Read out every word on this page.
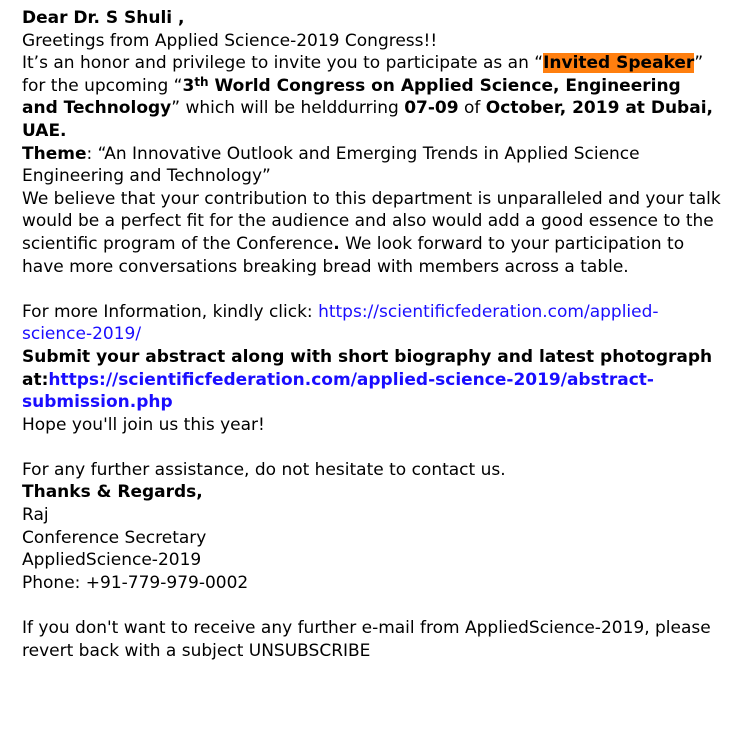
Dear Dr. S Shuli ,

Greetings from Applied Science-2019 Congress!!

It’s an honor and privilege to invite you to participate as an “Invited Speaker” for the upcoming “3th World Congress on Applied Science, Engineering and Technology” which will be helddurring 07-09 of October, 2019 at Dubai, UAE.

Theme: “An Innovative Outlook and Emerging Trends in Applied Science Engineering and Technology”

We believe that your contribution to this department is unparalleled and your talk would be a perfect fit for the audience and also would add a good essence to the scientific program of the Conference. We look forward to your participation to have more conversations breaking bread with members across a table.

For more Information, kindly click: https://scientificfederation.com/applied-science-2019/

Submit your abstract along with short biography and latest photograph at:https://scientificfederation.com/applied-science-2019/abstract-submission.php

Hope you'll join us this year!

For any further assistance, do not hesitate to contact us.

Thanks & Regards,

Raj

Conference Secretary

AppliedScience-2019

Phone: +91-779-979-0002

If you don't want to receive any further e-mail from AppliedScience-2019, please revert back with a subject UNSUBSCRIBE
